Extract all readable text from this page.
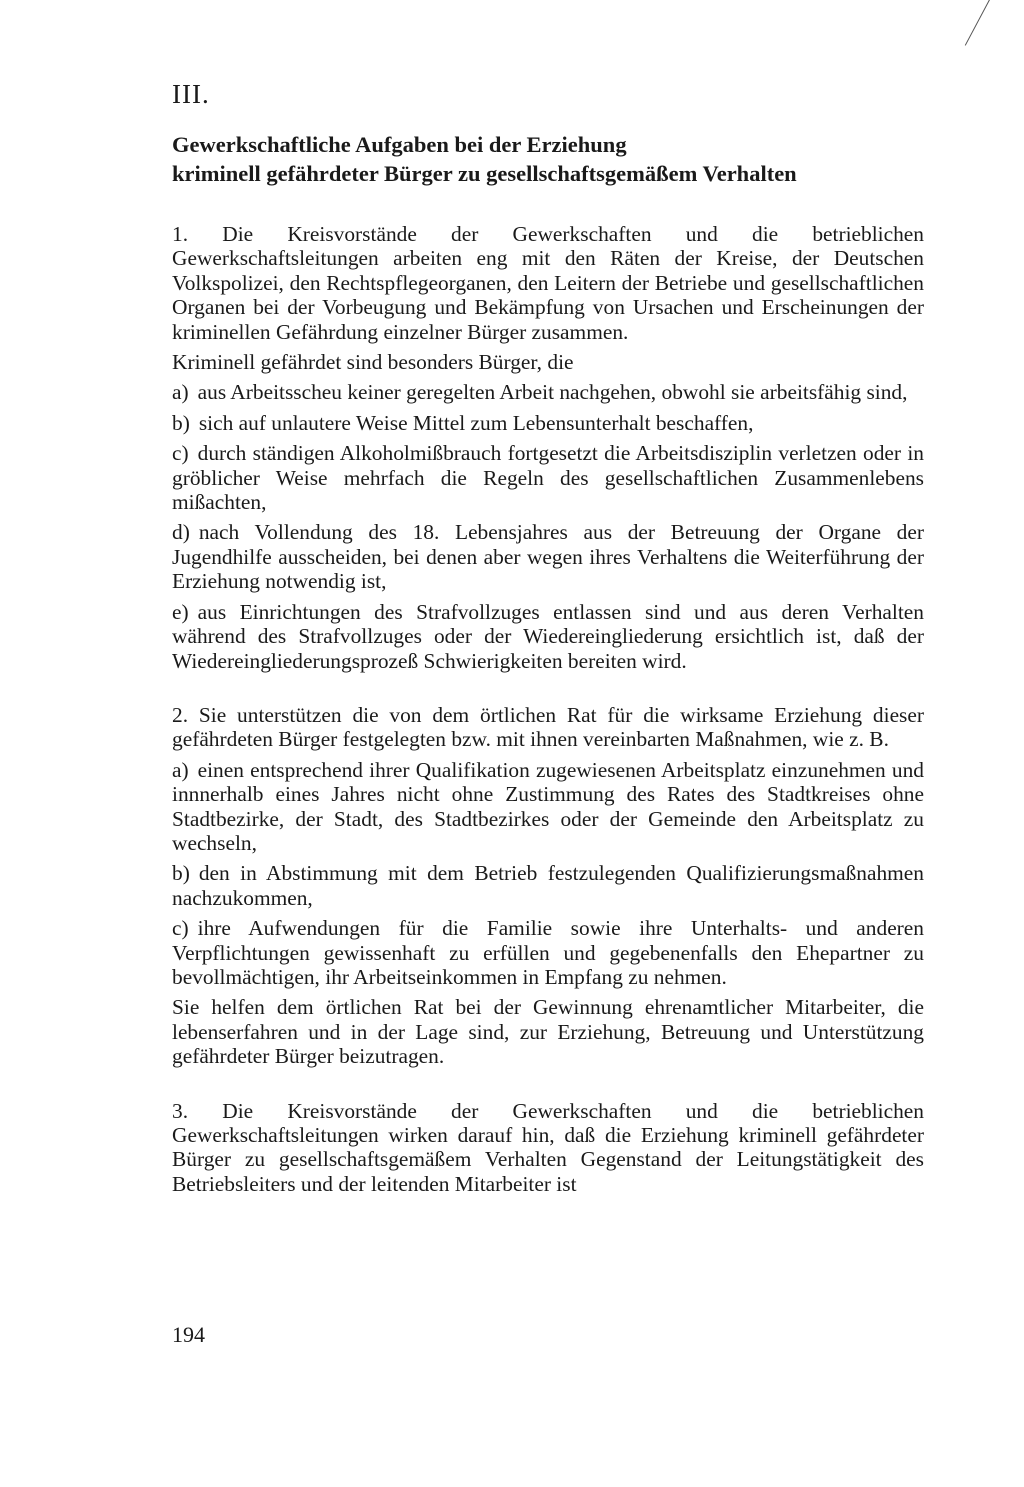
III.
Gewerkschaftliche Aufgaben bei der Erziehung
kriminell gefährdeter Bürger zu gesellschaftsgemäßem Verhalten

1. Die Kreisvorstände der Gewerkschaften und die betrieblichen Gewerkschaftsleitungen arbeiten eng mit den Räten der Kreise, der Deutschen Volkspolizei, den Rechtspflegeorganen, den Leitern der Betriebe und gesellschaftlichen Organen bei der Vorbeugung und Bekämpfung von Ursachen und Erscheinungen der kriminellen Gefährdung einzelner Bürger zusammen.

Kriminell gefährdet sind besonders Bürger, die

a) aus Arbeitsscheu keiner geregelten Arbeit nachgehen, obwohl sie arbeitsfähig sind,
b) sich auf unlautere Weise Mittel zum Lebensunterhalt beschaffen,
c) durch ständigen Alkoholmißbrauch fortgesetzt die Arbeitsdisziplin verletzen oder in gröblicher Weise mehrfach die Regeln des gesellschaftlichen Zusammenlebens mißachten,
d) nach Vollendung des 18. Lebensjahres aus der Betreuung der Organe der Jugendhilfe ausscheiden, bei denen aber wegen ihres Verhaltens die Weiterführung der Erziehung notwendig ist,
e) aus Einrichtungen des Strafvollzuges entlassen sind und aus deren Verhalten während des Strafvollzuges oder der Wiedereingliederung ersichtlich ist, daß der Wiedereingliederungsprozeß Schwierigkeiten bereiten wird.

2. Sie unterstützen die von dem örtlichen Rat für die wirksame Erziehung dieser gefährdeten Bürger festgelegten bzw. mit ihnen vereinbarten Maßnahmen, wie z. B.

a) einen entsprechend ihrer Qualifikation zugewiesenen Arbeitsplatz einzunehmen und innnerhalb eines Jahres nicht ohne Zustimmung des Rates des Stadtkreises ohne Stadtbezirke, der Stadt, des Stadtbezirkes oder der Gemeinde den Arbeitsplatz zu wechseln,
b) den in Abstimmung mit dem Betrieb festzulegenden Qualifizierungsmaßnahmen nachzukommen,
c) ihre Aufwendungen für die Familie sowie ihre Unterhalts- und anderen Verpflichtungen gewissenhaft zu erfüllen und gegebenenfalls den Ehepartner zu bevollmächtigen, ihr Arbeitseinkommen in Empfang zu nehmen.

Sie helfen dem örtlichen Rat bei der Gewinnung ehrenamtlicher Mitarbeiter, die lebenserfahren und in der Lage sind, zur Erziehung, Betreuung und Unterstützung gefährdeter Bürger beizutragen.

3. Die Kreisvorstände der Gewerkschaften und die betrieblichen Gewerkschaftsleitungen wirken darauf hin, daß die Erziehung kriminell gefährdeter Bürger zu gesellschaftsgemäßem Verhalten Gegenstand der Leitungstätigkeit des Betriebsleiters und der leitenden Mitarbeiter ist

194
